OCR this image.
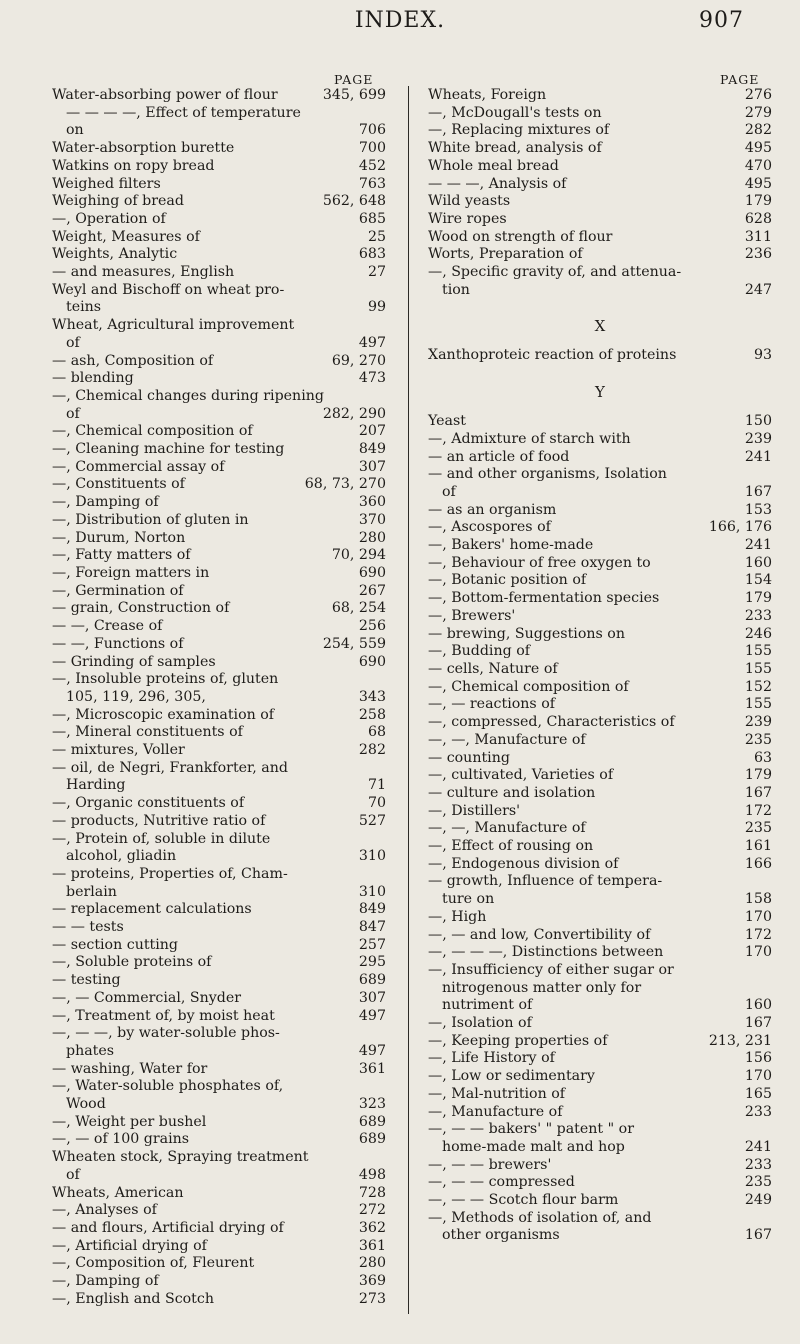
INDEX.	907
PAGE	PAGE
Water-absorbing power of flour	345, 699
— — — —, Effect of temperature
on	706
Water-absorption burette	700
Watkins on ropy bread	452
Weighed filters	763
Weighing of bread	562, 648
—, Operation of	685
Weight, Measures of	25
Weights, Analytic	683
— and measures, English	27
Weyl and Bischoff on wheat pro-
teins	99
Wheat, Agricultural improvement
of	497
— ash, Composition of	69, 270
— blending	473
—, Chemical changes during ripening
of	282, 290
—, Chemical composition of	207
—, Cleaning machine for testing	849
—, Commercial assay of	307
—, Constituents of	68, 73, 270
—, Damping of	360
—, Distribution of gluten in	370
—, Durum, Norton	280
—, Fatty matters of	70, 294
—, Foreign matters in	690
—, Germination of	267
— grain, Construction of	68, 254
— —, Crease of	256
— —, Functions of	254, 559
— Grinding of samples	690
—, Insoluble proteins of, gluten
105, 119, 296, 305,	343
—, Microscopic examination of	258
—, Mineral constituents of	68
— mixtures, Voller	282
— oil, de Negri, Frankforter, and
Harding	71
—, Organic constituents of	70
— products, Nutritive ratio of	527
—, Protein of, soluble in dilute
alcohol, gliadin	310
— proteins, Properties of, Cham-
berlain	310
— replacement calculations	849
— — tests	847
— section cutting	257
—, Soluble proteins of	295
— testing	689
—, — Commercial, Snyder	307
—, Treatment of, by moist heat	497
—, — —, by water-soluble phos-
phates	497
— washing, Water for	361
—, Water-soluble phosphates of,
Wood	323
—, Weight per bushel	689
—, — of 100 grains	689
Wheaten stock, Spraying treatment
of	498
Wheats, American	728
—, Analyses of	272
— and flours, Artificial drying of	362
—, Artificial drying of	361
—, Composition of, Fleurent	280
—, Damping of	369
—, English and Scotch	273
Wheats, Foreign	276
—, McDougall's tests on	279
—, Replacing mixtures of	282
White bread, analysis of	495
Whole meal bread	470
— — —, Analysis of	495
Wild yeasts	179
Wire ropes	628
Wood on strength of flour	311
Worts, Preparation of	236
—, Specific gravity of, and attenua-
tion	247
X
Xanthoproteic reaction of proteins	93
Y
Yeast	150
—, Admixture of starch with	239
— an article of food	241
— and other organisms, Isolation
of	167
— as an organism	153
—, Ascospores of	166, 176
—, Bakers' home-made	241
—, Behaviour of free oxygen to	160
—, Botanic position of	154
—, Bottom-fermentation species	179
—, Brewers'	233
— brewing, Suggestions on	246
—, Budding of	155
— cells, Nature of	155
—, Chemical composition of	152
—, — reactions of	155
—, compressed, Characteristics of	239
—, —, Manufacture of	235
— counting	63
—, cultivated, Varieties of	179
— culture and isolation	167
—, Distillers'	172
—, —, Manufacture of	235
—, Effect of rousing on	161
—, Endogenous division of	166
— growth, Influence of tempera-
ture on	158
—, High	170
—, — and low, Convertibility of	172
—, — — —, Distinctions between	170
—, Insufficiency of either sugar or
nitrogenous matter only for
nutriment of	160
—, Isolation of	167
—, Keeping properties of	213, 231
—, Life History of	156
—, Low or sedimentary	170
—, Mal-nutrition of	165
—, Manufacture of	233
—, — — bakers' " patent " or
home-made malt and hop	241
—, — — brewers'	233
—, — — compressed	235
—, — — Scotch flour barm	249
—, Methods of isolation of, and
other organisms	167
